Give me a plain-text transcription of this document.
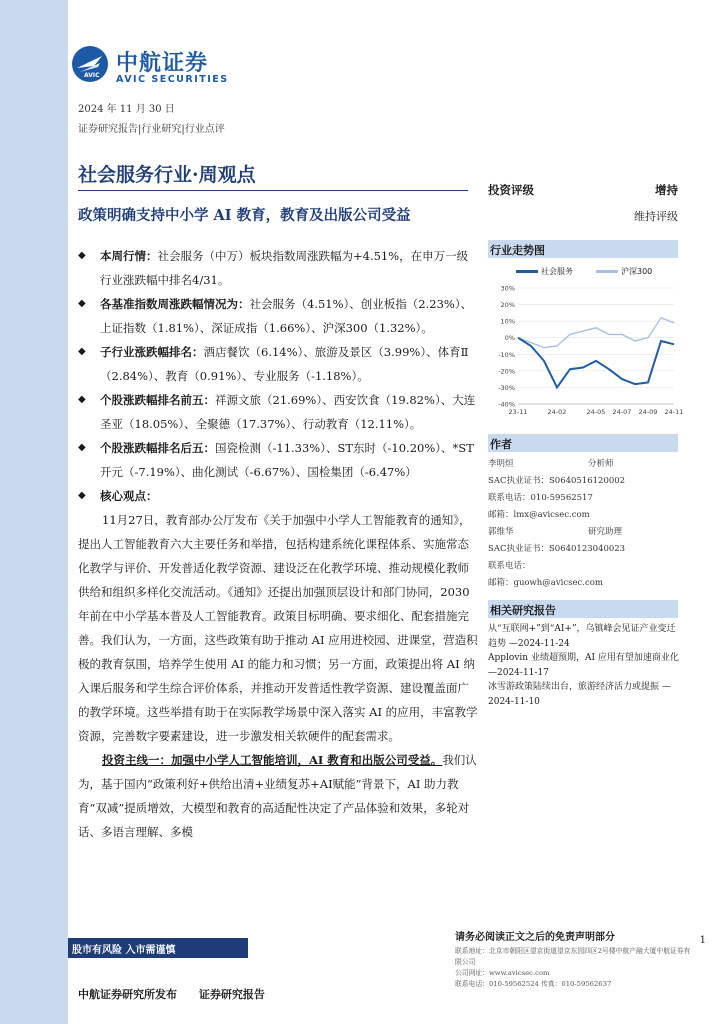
AVIC 中航证券
AVIC SECURITIES
2024 年 11 月 30 日
证券研究报告|行业研究|行业点评
社会服务行业·周观点
政策明确支持中小学 AI 教育，教育及出版公司受益
投资评级	增持
维持评级
◆ 本周行情：社会服务（中万）板块指数周涨跌幅为+4.51%，在申万一级行业涨跌幅中排名4/31。
◆ 各基准指数周涨跌幅情况为：社会服务（4.51%）、创业板指（2.23%）、上证指数（1.81%）、深证成指（1.66%）、沪深300（1.32%）。
◆ 子行业涨跌幅排名：酒店餐饮（6.14%）、旅游及景区（3.99%）、体育Ⅱ（2.84%）、教育（0.91%）、专业服务（-1.18%）。
◆ 个股涨跌幅排名前五：祥源文旅（21.69%）、西安饮食（19.82%）、大连圣亚（18.05%）、全聚德（17.37%）、行动教育（12.11%）。
◆ 个股涨跌幅排名后五：国瓷检测（-11.33%）、ST东时（-10.20%）、*ST开元（-7.19%）、曲化测试（-6.67%）、国检集团（-6.47%）
◆ 核心观点：

11月27日，教育部办公厅发布《关于加强中小学人工智能教育的通知》，提出人工智能教育六大主要任务和举措，包括构建系统化课程体系、实施常态化教学与评价、开发普适化教学资源、建设泛在化教学环境、推动规模化教师供给和组织多样化交流活动。《通知》还提出加强顶层设计和部门协同，2030年前在中小学基本普及人工智能教育。政策目标明确、要求细化、配套措施完善。我们认为，一方面，这些政策有助于推动 AI 应用进校园、进课堂，营造积极的教育氛围，培养学生使用 AI 的能力和习惯；另一方面，政策提出将 AI 纳入课后服务和学生综合评价体系，并推动开发普适性教学资源、建设覆盖面广的教学环境。这些举措有助于在实际教学场景中深入落实 AI 的应用，丰富教学资源，完善数字要素建设，进一步激发相关软硬件的配套需求。

投资主线一：加强中小学人工智能培训，AI 教育和出版公司受益。我们认为，基于国内“政策利好+供给出清+业绩复苏+AI赋能”背景下，AI 助力教育“双减”提质增效，大模型和教育的高适配性决定了产品体验和效果，多轮对话、多语言理解、多模

行业走势图
社会服务	沪深300
30%
20%
10%
0%
-10%
-20%
-30%
-40%
23-11	24-02	24-05 24-07 24-09 24-11
作者
李明烜	分析师
SAC执业证书：S0640516120002
联系电话：010-59562517
邮箱：lmx@avicsec.com
郭维华	研究助理
SAC执业证书：S0640123040023
联系电话：
邮箱：guowh@avicsec.com
相关研究报告
从“互联网+”到“AI+”，乌镇峰会见证产业变迁趋势 —2024-11-24
Applovin 业绩超预期，AI 应用有望加速商业化 —2024-11-17
冰雪游政策陆续出台，旅游经济活力或提振 —2024-11-10
股市有风险 入市需谨慎
请务必阅读正文之后的免责声明部分
联系地址：北京市朝阳区望京街道望京东园四区2号楼中航产融大厦中航证券有限公司
公司网址：www.avicsec.com
联系电话：010-59562524 传真：010-59562637
1
中航证券研究所发布 证券研究报告
